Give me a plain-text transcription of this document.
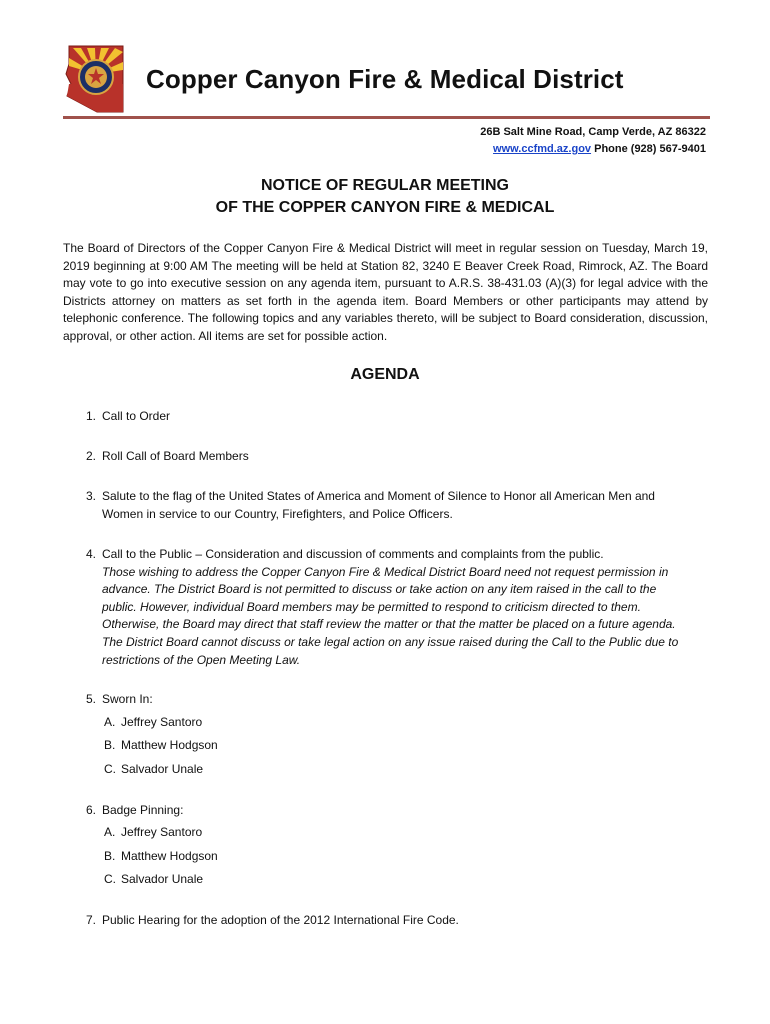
Copper Canyon Fire & Medical District
26B Salt Mine Road, Camp Verde, AZ 86322
www.ccfmd.az.gov Phone (928) 567-9401
NOTICE OF REGULAR MEETING
OF THE COPPER CANYON FIRE & MEDICAL
The Board of Directors of the Copper Canyon Fire & Medical District will meet in regular session on Tuesday, March 19, 2019 beginning at 9:00 AM The meeting will be held at Station 82, 3240 E Beaver Creek Road, Rimrock, AZ. The Board may vote to go into executive session on any agenda item, pursuant to A.R.S. 38-431.03 (A)(3) for legal advice with the Districts attorney on matters as set forth in the agenda item. Board Members or other participants may attend by telephonic conference. The following topics and any variables thereto, will be subject to Board consideration, discussion, approval, or other action. All items are set for possible action.
AGENDA
1. Call to Order
2. Roll Call of Board Members
3. Salute to the flag of the United States of America and Moment of Silence to Honor all American Men and Women in service to our Country, Firefighters, and Police Officers.
4. Call to the Public – Consideration and discussion of comments and complaints from the public.
Those wishing to address the Copper Canyon Fire & Medical District Board need not request permission in advance. The District Board is not permitted to discuss or take action on any item raised in the call to the public. However, individual Board members may be permitted to respond to criticism directed to them. Otherwise, the Board may direct that staff review the matter or that the matter be placed on a future agenda. The District Board cannot discuss or take legal action on any issue raised during the Call to the Public due to restrictions of the Open Meeting Law.
5. Sworn In:
A. Jeffrey Santoro
B. Matthew Hodgson
C. Salvador Unale
6. Badge Pinning:
A. Jeffrey Santoro
B. Matthew Hodgson
C. Salvador Unale
7. Public Hearing for the adoption of the 2012 International Fire Code.
